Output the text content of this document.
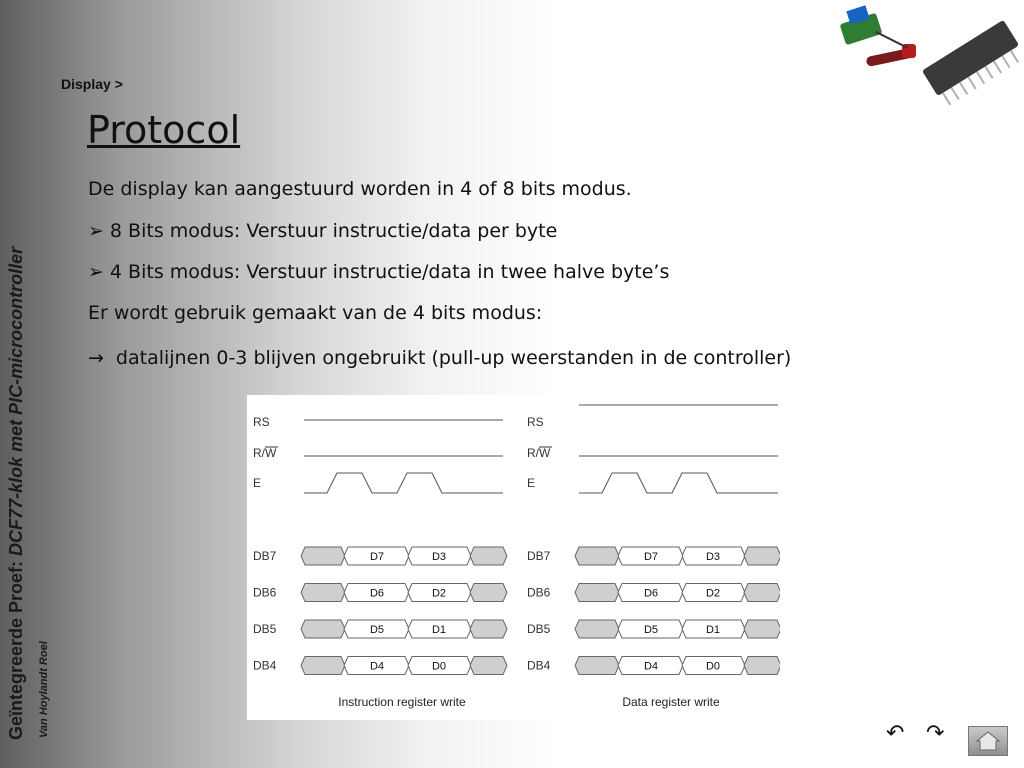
Geïntegreerde Proef: DCF77-klok met PIC-microcontroller
Van Hoylandt Roel
Display >
Protocol
De display kan aangestuurd worden in 4 of 8 bits modus.
➢ 8 Bits modus: Verstuur instructie/data per byte
➢ 4 Bits modus: Verstuur instructie/data in twee halve byte’s
Er wordt gebruik gemaakt van de 4 bits modus:
→ datalijnen 0-3 blijven ongebruikt (pull-up weerstanden in de controller)
RS
R/W
E
RS
R/W
E
DB7	D7	D3	DB7	D7	D3
DB6	D6	D2	DB6	D6	D2
DB5	D5	D1	DB5	D5	D1
DB4	D4	D0	DB4	D4	D0
Instruction register write	Data register write
↶ ↷
